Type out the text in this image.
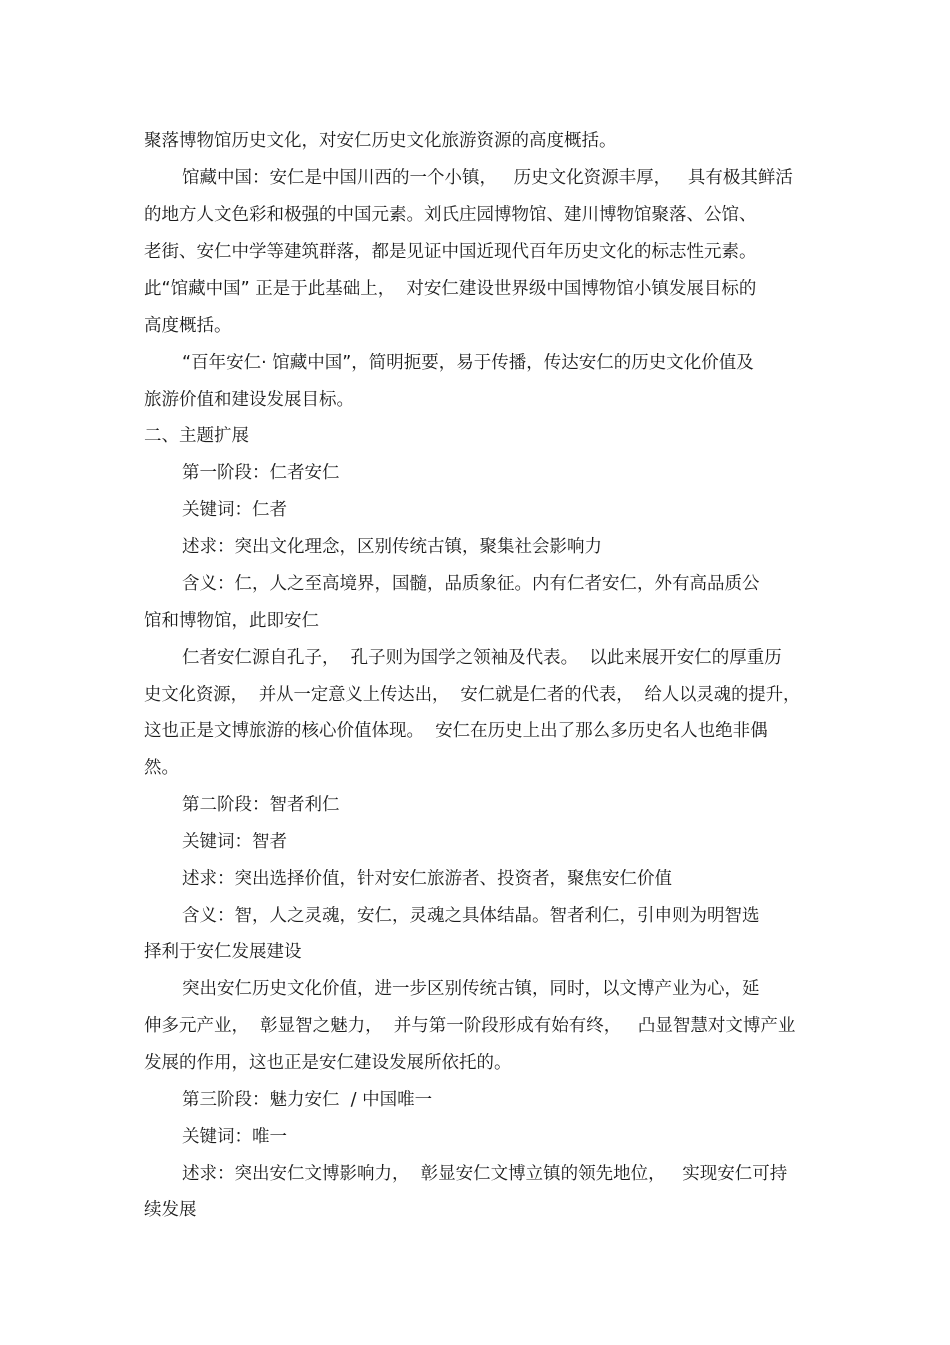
聚落博物馆历史文化，对安仁历史文化旅游资源的高度概括。
馆藏中国：安仁是中国川西的一个小镇，   历史文化资源丰厚，   具有极其鲜活
的地方人文色彩和极强的中国元素。刘氏庄园博物馆、建川博物馆聚落、公馆、
老街、安仁中学等建筑群落，都是见证中国近现代百年历史文化的标志性元素。
此“馆藏中国” 正是于此基础上，  对安仁建设世界级中国博物馆小镇发展目标的
高度概括。
“百年安仁· 馆藏中国”，简明扼要，易于传播，传达安仁的历史文化价值及
旅游价值和建设发展目标。
二、主题扩展
第一阶段：仁者安仁
关键词：仁者
述求：突出文化理念，区别传统古镇，聚集社会影响力
含义：仁，人之至高境界，国髓，品质象征。内有仁者安仁，外有高品质公
馆和博物馆，此即安仁
仁者安仁源自孔子，  孔子则为国学之领袖及代表。  以此来展开安仁的厚重历
史文化资源，  并从一定意义上传达出，  安仁就是仁者的代表，  给人以灵魂的提升，
这也正是文博旅游的核心价值体现。  安仁在历史上出了那么多历史名人也绝非偶
然。
第二阶段：智者利仁
关键词：智者
述求：突出选择价值，针对安仁旅游者、投资者，聚焦安仁价值
含义：智，人之灵魂，安仁，灵魂之具体结晶。智者利仁，引申则为明智选
择利于安仁发展建设
突出安仁历史文化价值，进一步区别传统古镇，同时，以文博产业为心，延
伸多元产业，  彰显智之魅力，  并与第一阶段形成有始有终，   凸显智慧对文博产业
发展的作用，这也正是安仁建设发展所依托的。
第三阶段：魅力安仁  / 中国唯一
关键词：唯一
述求：突出安仁文博影响力，  彰显安仁文博立镇的领先地位，   实现安仁可持
续发展
